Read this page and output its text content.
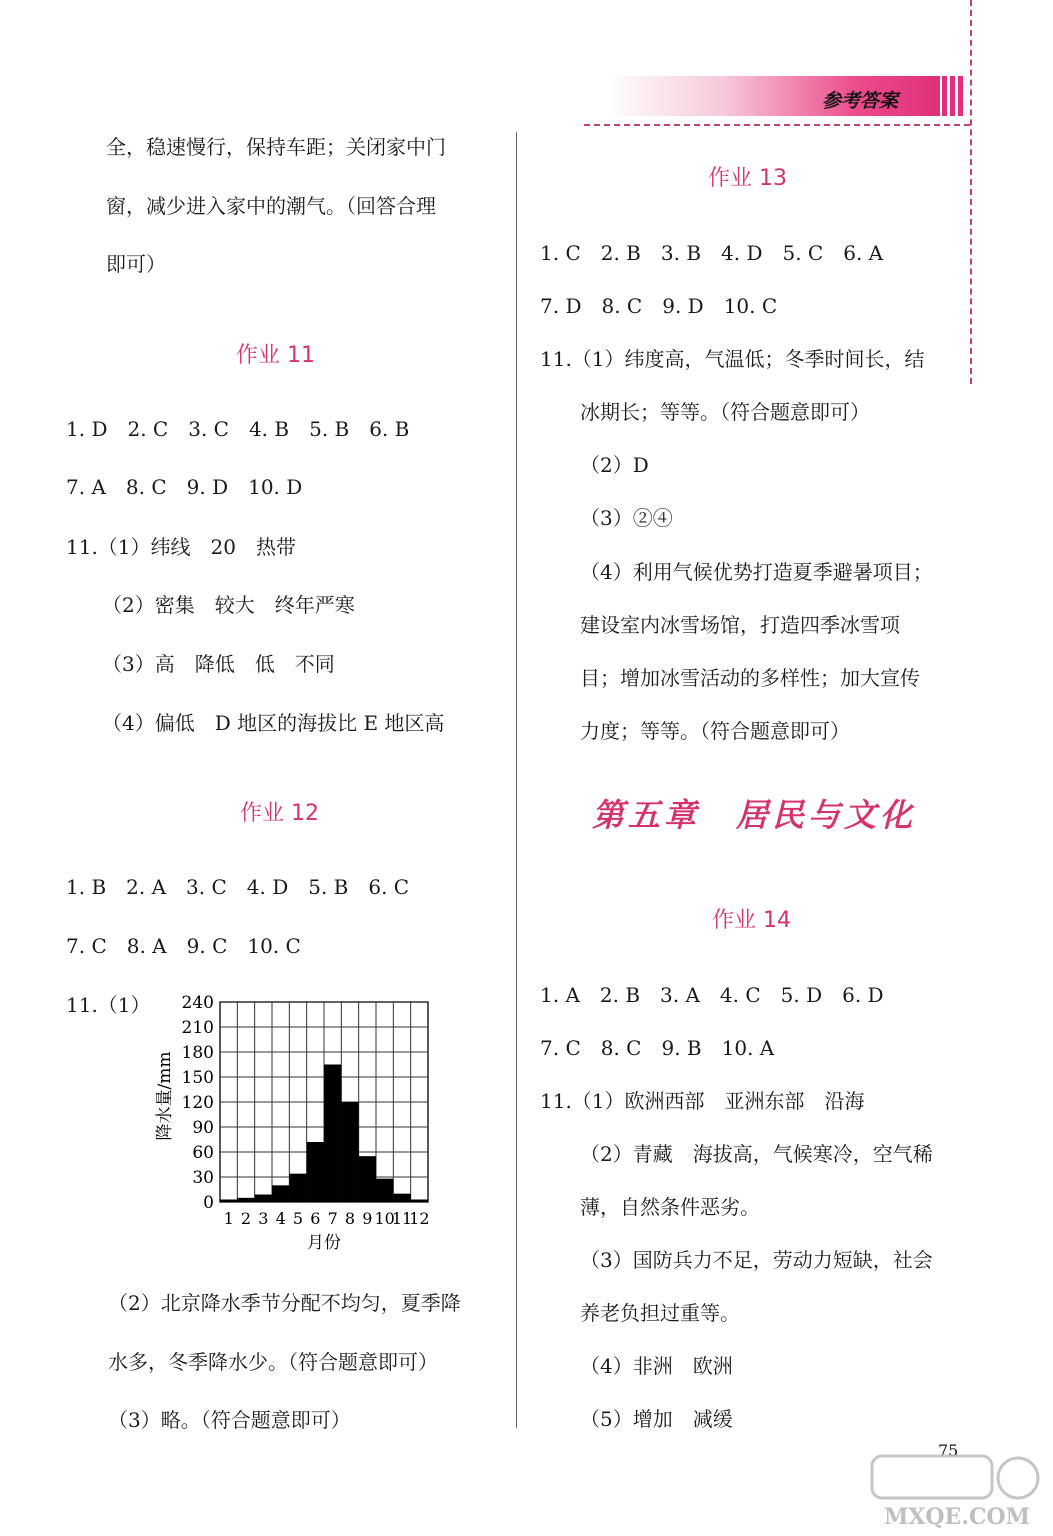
参考答案
全，稳速慢行，保持车距；关闭家中门
窗，减少进入家中的潮气。（回答合理
即可）
作业 11
1. D　2. C　3. C　4. B　5. B　6. B
7. A　8. C　9. D　10. D
11.（1）纬线　20　热带
（2）密集　较大　终年严寒
（3）高　降低　低　不同
（4）偏低　D 地区的海拔比 E 地区高
作业 12
1. B　2. A　3. C　4. D　5. B　6. C
7. C　8. A　9. C　10. C
11.（1）
0
30
60
90
120
150
180
210
240
1 2 3 4 5 6 7 8 9 10
11
12
降水量/mm
月份
（2）北京降水季节分配不均匀，夏季降
水多，冬季降水少。（符合题意即可）
（3）略。（符合题意即可）
作业 13
1. C　2. B　3. B　4. D　5. C　6. A
7. D　8. C　9. D　10. C
11.（1）纬度高，气温低；冬季时间长，结
冰期长；等等。（符合题意即可）
（2）D
（3）②④
（4）利用气候优势打造夏季避暑项目；
建设室内冰雪场馆，打造四季冰雪项
目；增加冰雪活动的多样性；加大宣传
力度；等等。（符合题意即可）
第五章　居民与文化
作业 14
1. A　2. B　3. A　4. C　5. D　6. D
7. C　8. C　9. B　10. A
11.（1）欧洲西部　亚洲东部　沿海
（2）青藏　海拔高，气候寒冷，空气稀
薄，自然条件恶劣。
（3）国防兵力不足，劳动力短缺，社会
养老负担过重等。
（4）非洲　欧洲
（5）增加　减缓
75
MXQE.COM
